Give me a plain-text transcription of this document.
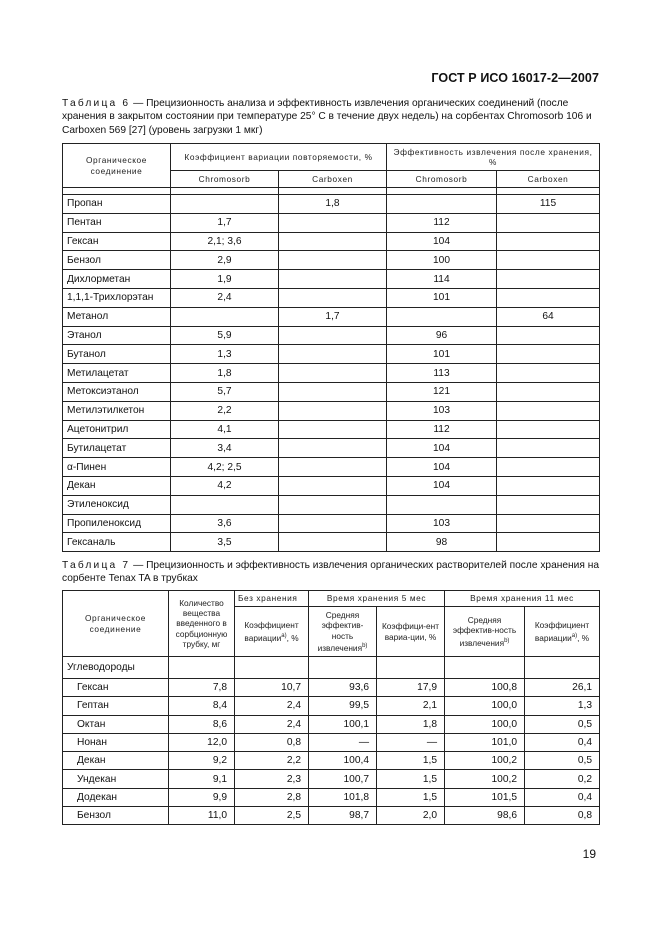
ГОСТ Р ИСО 16017-2—2007
Таблица 6 — Прецизионность анализа и эффективность извлечения органических соединений (после хранения в закрытом состоянии при температуре 25° С в течение двух недель) на сорбентах Chromosorb 106 и Carboxen 569 [27] (уровень загрузки 1 мкг)
Органическое соединение	Коэффициент вариации повторяемости, %		Эффективность извлечения после хранения, %	
	Chromosorb	Carboxen	Chromosorb	Carboxen

Пропан		1,8		115
Пентан	1,7		112	
Гексан	2,1; 3,6		104	
Бензол	2,9		100	
Дихлорметан	1,9		114	
1,1,1-Трихлорэтан	2,4		101	
Метанол		1,7		64
Этанол	5,9		96	
Бутанол	1,3		101	
Метилацетат	1,8		113	
Метоксиэтанол	5,7		121	
Метилэтилкетон	2,2		103	
Ацетонитрил	4,1		112	
Бутилацетат	3,4		104	
α-Пинен	4,2; 2,5		104	
Декан	4,2		104	
Этиленоксид				
Пропиленоксид	3,6		103	
Гексаналь	3,5		98	
Таблица 7 — Прецизионность и эффективность извлечения органических растворителей после хранения на сорбенте Tenax TA в трубках
Органическое соединение	Количество вещества введенного в сорбционную трубку, мг	Без хранения	Время хранения 5 мес		Время хранения 11 мес	
		Коэффициент вариации$^{а)}$, %	Средняя эффектив-ность извлечения$^{b)}$	Коэффици-ент вариа-ции, %	Средняя эффектив-ность извлечения$^{b)}$	Коэффициент вариации$^{а)}$, %
Углеводороды						
Гексан	7,8	10,7	93,6	17,9	100,8	26,1
Гептан	8,4	2,4	99,5	2,1	100,0	1,3
Октан	8,6	2,4	100,1	1,8	100,0	0,5
Нонан	12,0	0,8	—	—	101,0	0,4
Декан	9,2	2,2	100,4	1,5	100,2	0,5
Ундекан	9,1	2,3	100,7	1,5	100,2	0,2
Додекан	9,9	2,8	101,8	1,5	101,5	0,4
Бензол	11,0	2,5	98,7	2,0	98,6	0,8
19
